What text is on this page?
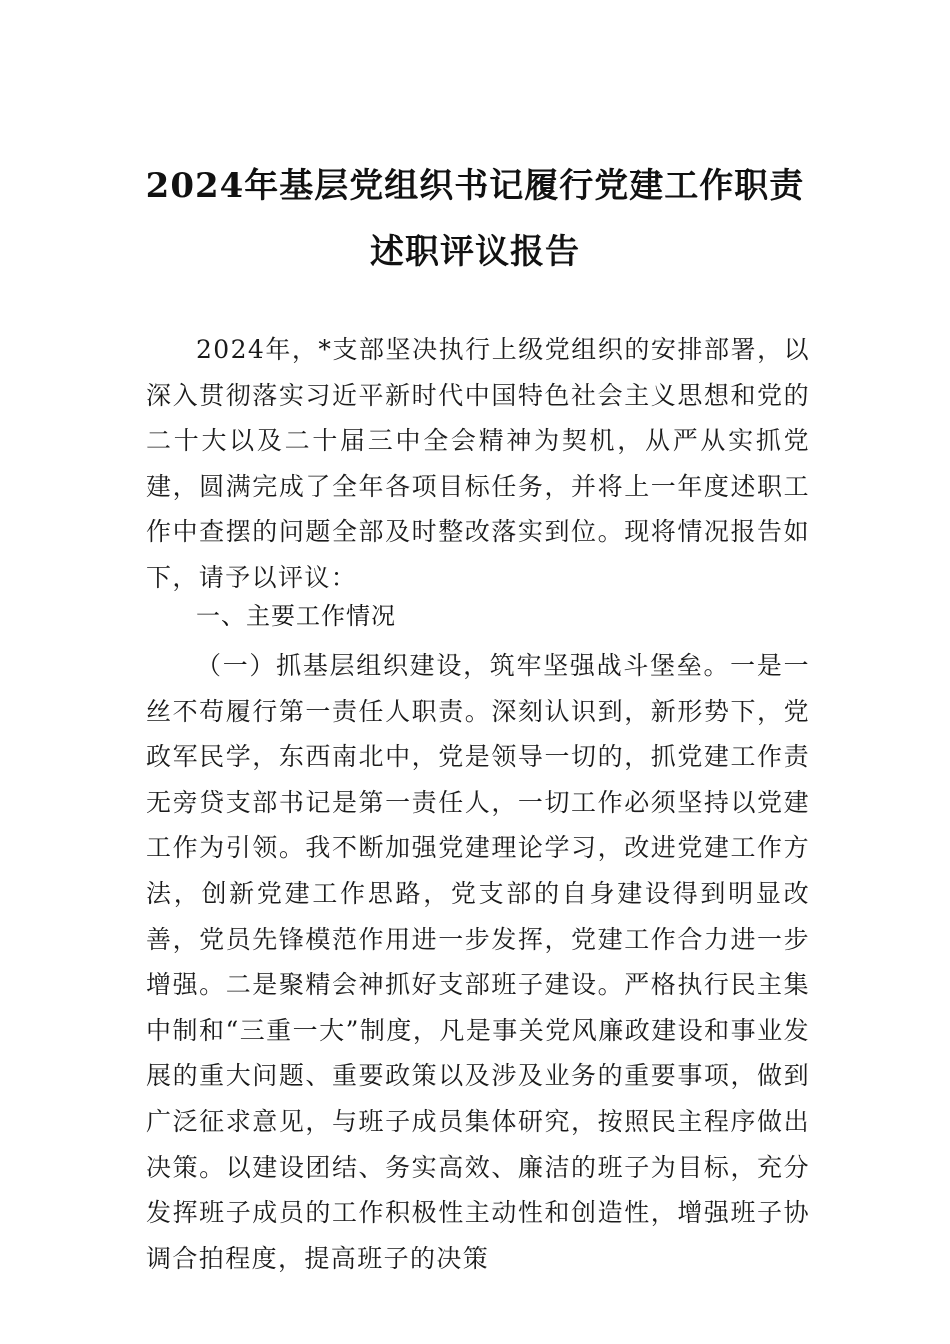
2024年基层党组织书记履行党建工作职责
述职评议报告
2024年，*支部坚决执行上级党组织的安排部署，以深入贯彻落实习近平新时代中国特色社会主义思想和党的二十大以及二十届三中全会精神为契机，从严从实抓党建，圆满完成了全年各项目标任务，并将上一年度述职工作中查摆的问题全部及时整改落实到位。现将情况报告如下，请予以评议：
一、主要工作情况
（一）抓基层组织建设，筑牢坚强战斗堡垒。一是一丝不苟履行第一责任人职责。深刻认识到，新形势下，党政军民学，东西南北中，党是领导一切的，抓党建工作责无旁贷支部书记是第一责任人，一切工作必须坚持以党建工作为引领。我不断加强党建理论学习，改进党建工作方法，创新党建工作思路，党支部的自身建设得到明显改善，党员先锋模范作用进一步发挥，党建工作合力进一步增强。二是聚精会神抓好支部班子建设。严格执行民主集中制和“三重一大”制度，凡是事关党风廉政建设和事业发展的重大问题、重要政策以及涉及业务的重要事项，做到广泛征求意见，与班子成员集体研究，按照民主程序做出决策。以建设团结、务实高效、廉洁的班子为目标，充分发挥班子成员的工作积极性主动性和创造性，增强班子协调合拍程度，提高班子的决策
